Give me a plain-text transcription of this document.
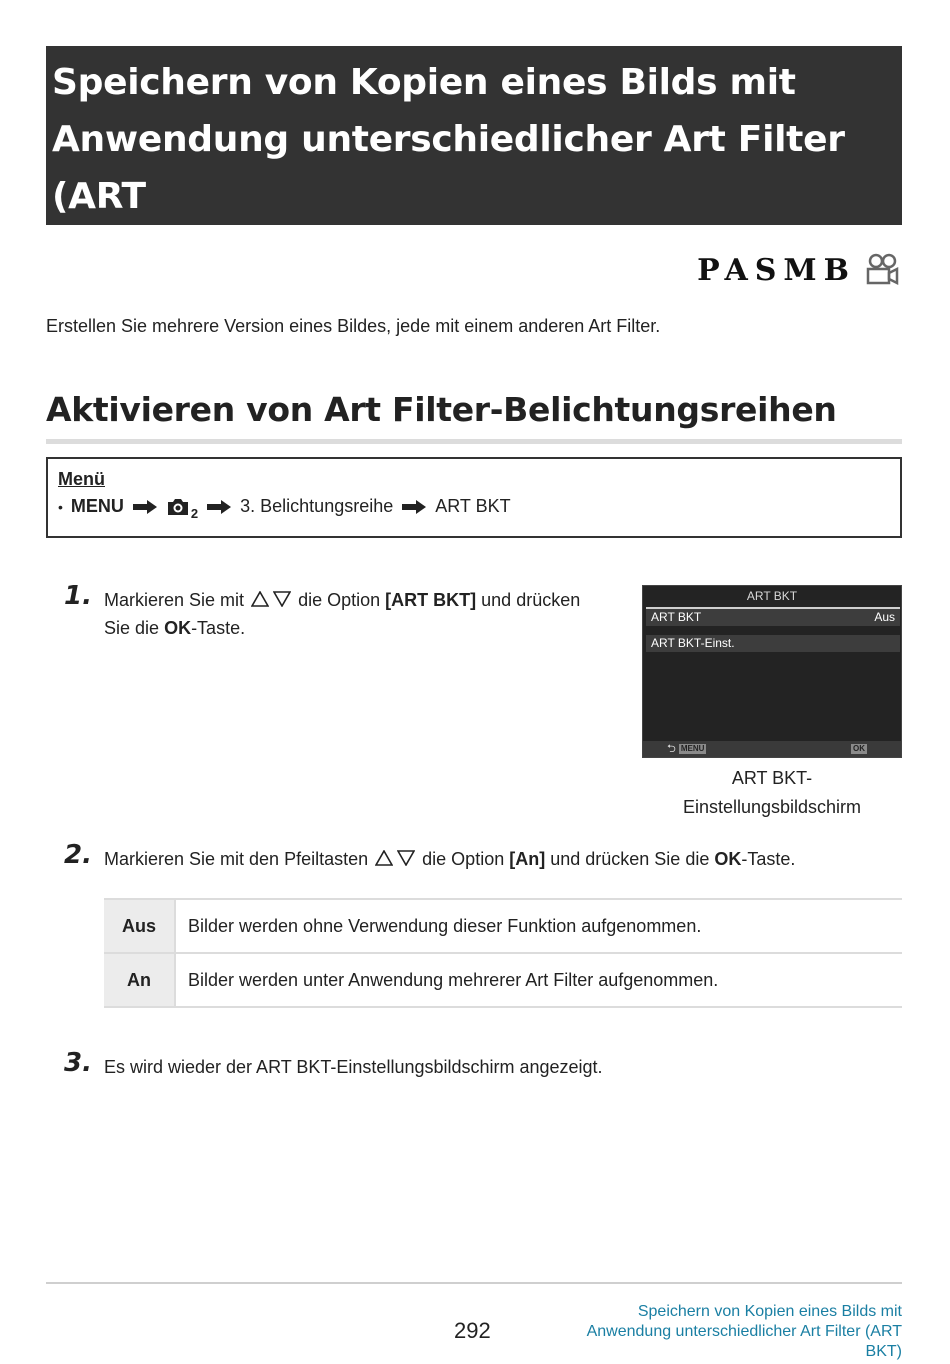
Speichern von Kopien eines Bilds mit
Anwendung unterschiedlicher Art Filter (ART
BKT)	PASMB

Erstellen Sie mehrere Version eines Bildes, jede mit einem anderen Art Filter.

Aktivieren von Art Filter-Belichtungsreihen
Menü
• MENU	2 3. Belichtungsreihe ART BKT
1. Markieren Sie mit	die Option [ART BKT] und drücken
Sie die OK-Taste.
ART BKT
ART BKT	Aus
ART BKT-Einst.
⮌ MENU	OK
ART BKT-
Einstellungsbildschirm
2. Markieren Sie mit den Pfeiltasten	die Option [An] und drücken Sie die OK-Taste.
Aus	Bilder werden ohne Verwendung dieser Funktion aufgenommen.
An	Bilder werden unter Anwendung mehrerer Art Filter aufgenommen.
3. Es wird wieder der ART BKT-Einstellungsbildschirm angezeigt.
292
Speichern von Kopien eines Bilds mit
Anwendung unterschiedlicher Art Filter (ART
BKT)
